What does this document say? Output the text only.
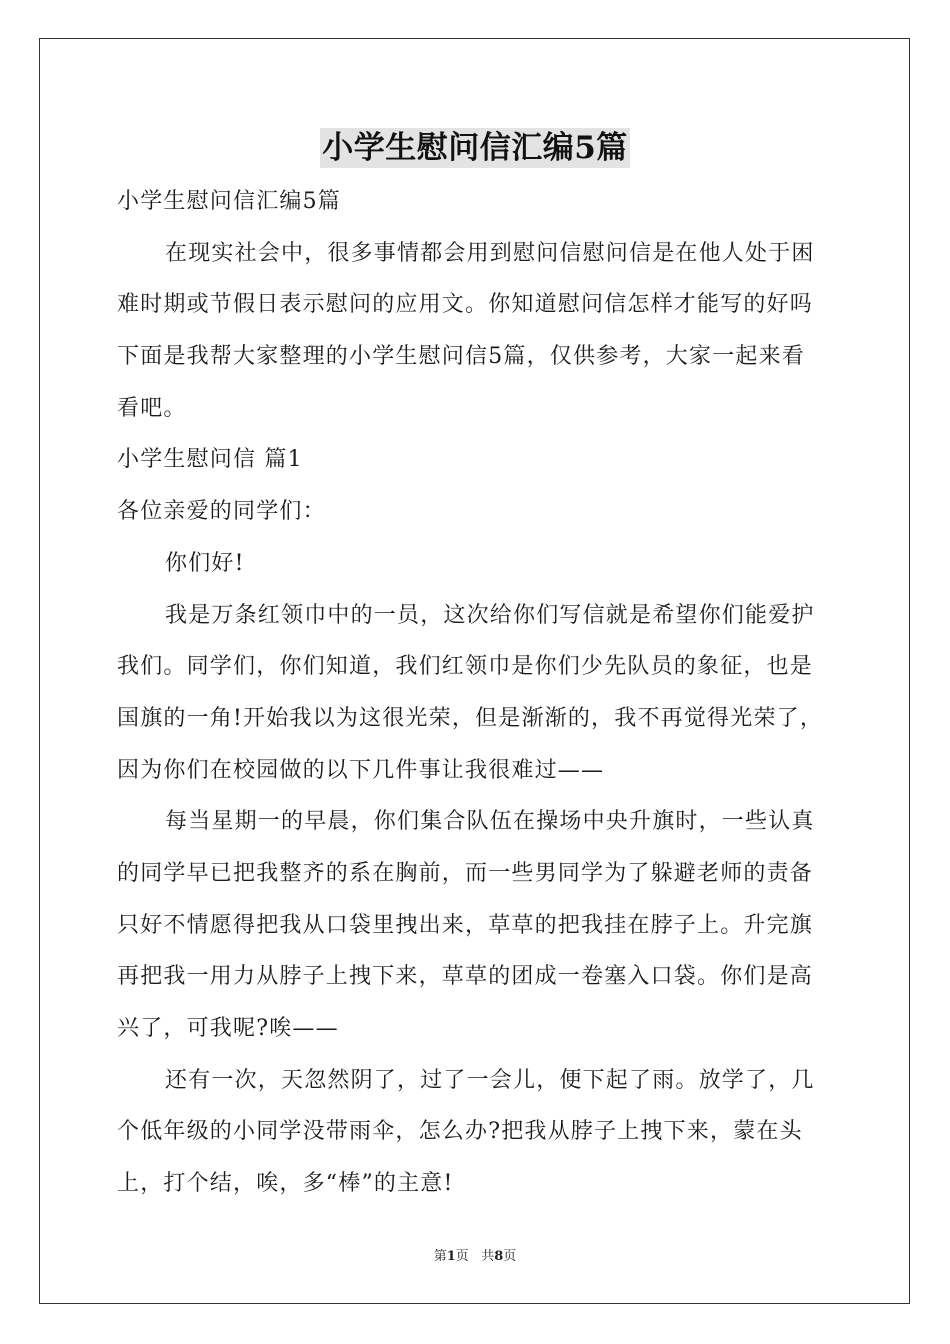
小学生慰问信汇编5篇
小学生慰问信汇编5篇
在现实社会中，很多事情都会用到慰问信慰问信是在他人处于困
难时期或节假日表示慰问的应用文。你知道慰问信怎样才能写的好吗
下面是我帮大家整理的小学生慰问信5篇，仅供参考，大家一起来看
看吧。
小学生慰问信 篇1
各位亲爱的同学们：
你们好!
我是万条红领巾中的一员，这次给你们写信就是希望你们能爱护
我们。同学们，你们知道，我们红领巾是你们少先队员的象征，也是
国旗的一角!开始我以为这很光荣，但是渐渐的，我不再觉得光荣了，
因为你们在校园做的以下几件事让我很难过——
每当星期一的早晨，你们集合队伍在操场中央升旗时，一些认真
的同学早已把我整齐的系在胸前，而一些男同学为了躲避老师的责备
只好不情愿得把我从口袋里拽出来，草草的把我挂在脖子上。升完旗
再把我一用力从脖子上拽下来，草草的团成一卷塞入口袋。你们是高
兴了，可我呢?唉——
还有一次，天忽然阴了，过了一会儿，便下起了雨。放学了，几
个低年级的小同学没带雨伞，怎么办?把我从脖子上拽下来，蒙在头
上，打个结，唉，多“棒”的主意!
第1页   共8页
